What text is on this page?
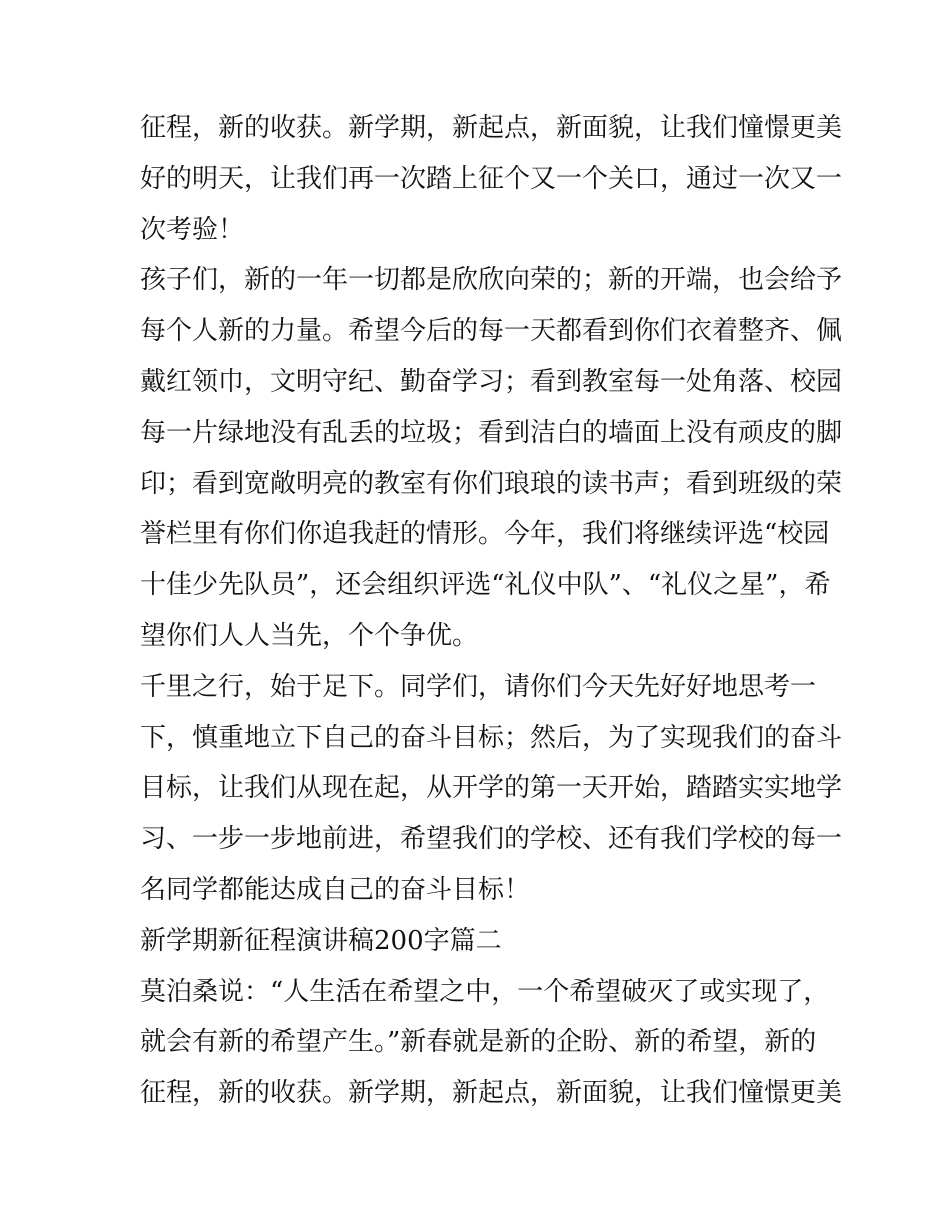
征程，新的收获。新学期，新起点，新面貌，让我们憧憬更美
好的明天，让我们再一次踏上征个又一个关口，通过一次又一
次考验！
孩子们，新的一年一切都是欣欣向荣的；新的开端，也会给予
每个人新的力量。希望今后的每一天都看到你们衣着整齐、佩
戴红领巾，文明守纪、勤奋学习；看到教室每一处角落、校园
每一片绿地没有乱丢的垃圾；看到洁白的墙面上没有顽皮的脚
印；看到宽敞明亮的教室有你们琅琅的读书声；看到班级的荣
誉栏里有你们你追我赶的情形。今年，我们将继续评选“校园
十佳少先队员”，还会组织评选“礼仪中队”、“礼仪之星”，希
望你们人人当先，个个争优。
千里之行，始于足下。同学们，请你们今天先好好地思考一
下，慎重地立下自己的奋斗目标；然后，为了实现我们的奋斗
目标，让我们从现在起，从开学的第一天开始，踏踏实实地学
习、一步一步地前进，希望我们的学校、还有我们学校的每一
名同学都能达成自己的奋斗目标！
新学期新征程演讲稿200字篇二
莫泊桑说：“人生活在希望之中，一个希望破灭了或实现了，
就会有新的希望产生。”新春就是新的企盼、新的希望，新的
征程，新的收获。新学期，新起点，新面貌，让我们憧憬更美
